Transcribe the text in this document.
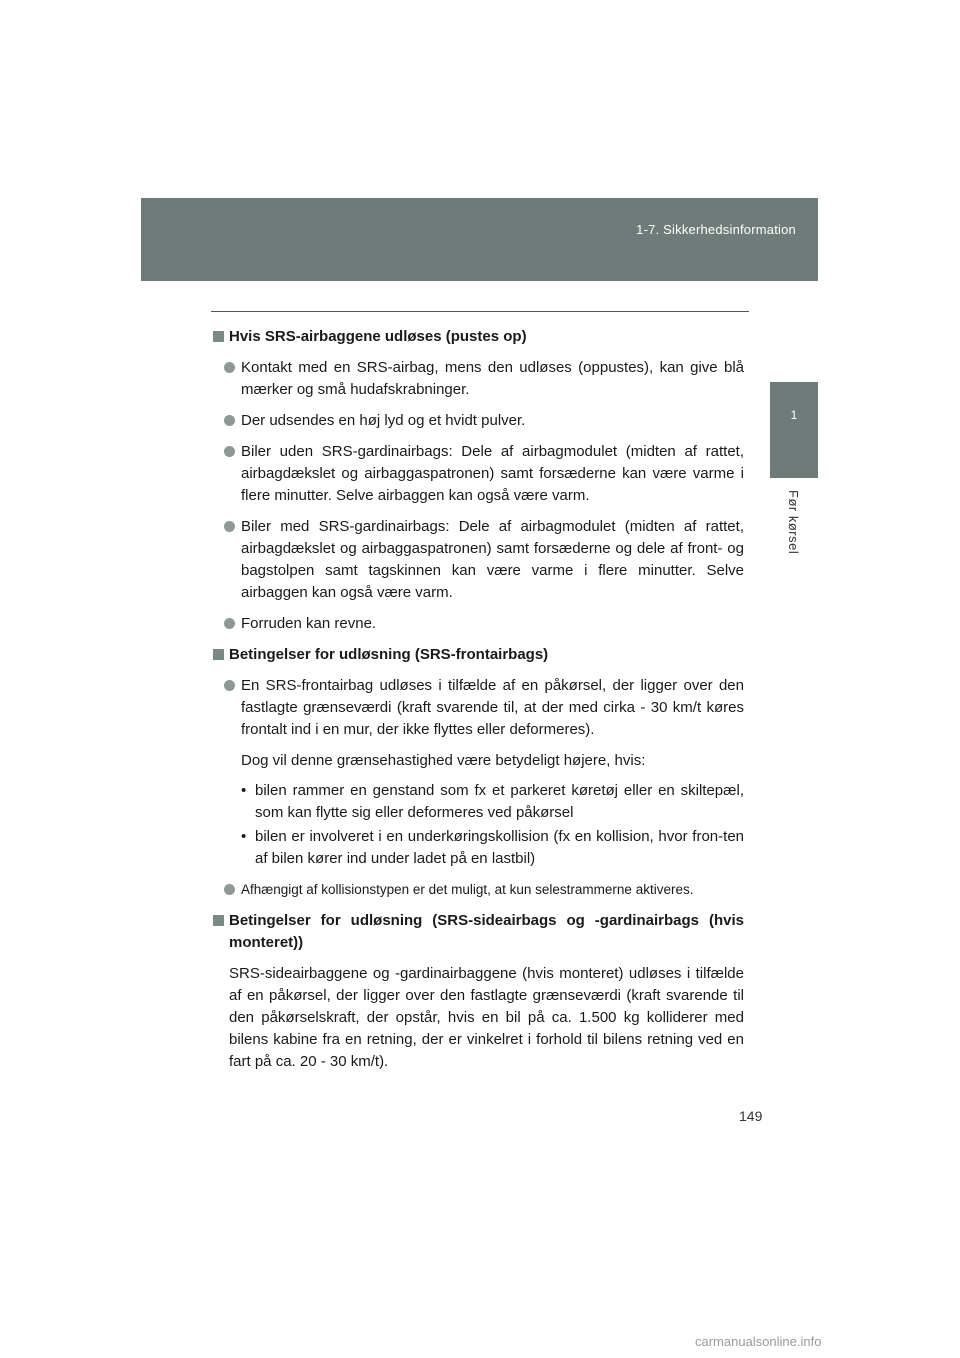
1-7. Sikkerhedsinformation
1
Før kørsel
Hvis SRS-airbaggene udløses (pustes op)
Kontakt med en SRS-airbag, mens den udløses (oppustes), kan give blå mærker og små hudafskrabninger.
Der udsendes en høj lyd og et hvidt pulver.
Biler uden SRS-gardinairbags: Dele af airbagmodulet (midten af rattet, airbagdækslet og airbaggaspatronen) samt forsæderne kan være varme i flere minutter. Selve airbaggen kan også være varm.
Biler med SRS-gardinairbags: Dele af airbagmodulet (midten af rattet, airbagdækslet og airbaggaspatronen) samt forsæderne og dele af front- og bagstolpen samt tagskinnen kan være varme i flere minutter. Selve airbaggen kan også være varm.
Forruden kan revne.
Betingelser for udløsning (SRS-frontairbags)
En SRS-frontairbag udløses i tilfælde af en påkørsel, der ligger over den fastlagte grænseværdi (kraft svarende til, at der med cirka - 30 km/t køres frontalt ind i en mur, der ikke flyttes eller deformeres).
Dog vil denne grænsehastighed være betydeligt højere, hvis:
• bilen rammer en genstand som fx et parkeret køretøj eller en skiltepæl, som kan flytte sig eller deformeres ved påkørsel
• bilen er involveret i en underkøringskollision (fx en kollision, hvor fron-ten af bilen kører ind under ladet på en lastbil)
Afhængigt af kollisionstypen er det muligt, at kun selestrammerne aktiveres.
Betingelser for udløsning (SRS-sideairbags og -gardinairbags (hvis monteret))
SRS-sideairbaggene og -gardinairbaggene (hvis monteret) udløses i tilfælde af en påkørsel, der ligger over den fastlagte grænseværdi (kraft svarende til den påkørselskraft, der opstår, hvis en bil på ca. 1.500 kg kolliderer med bilens kabine fra en retning, der er vinkelret i forhold til bilens retning ved en fart på ca. 20 - 30 km/t).
149
carmanualsonline.info
